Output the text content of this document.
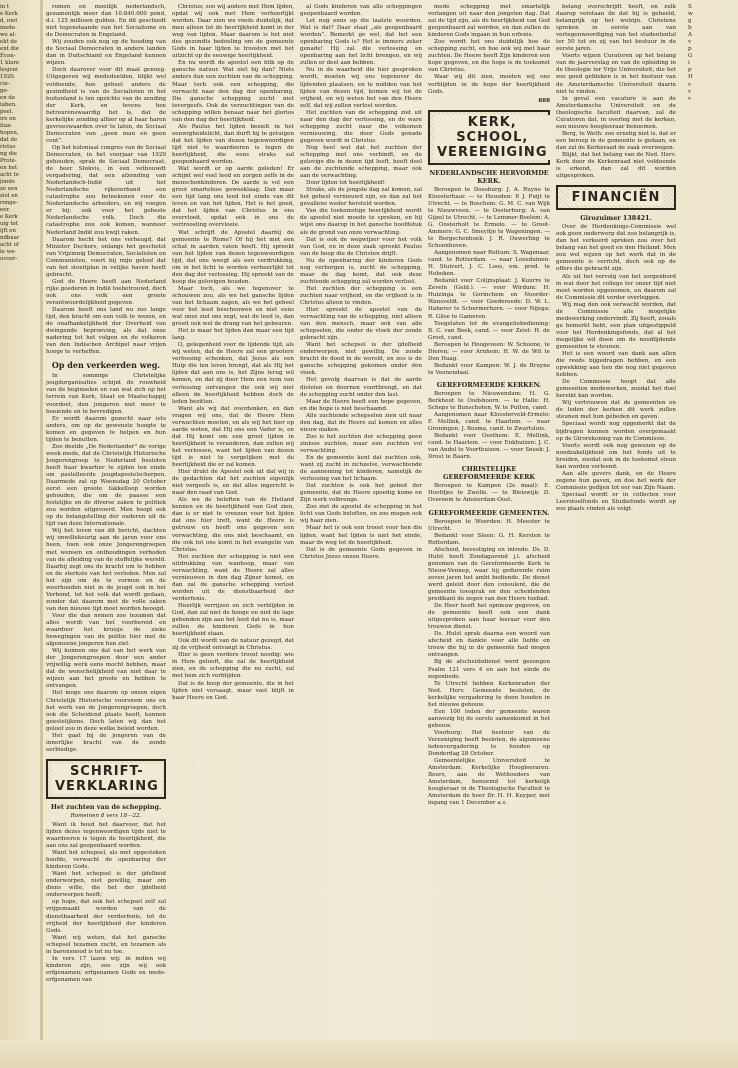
in t

e Kerk

d, niet

mede-

we al-

ekt de

ent die

Evan-

1 klare

lesjeni

1920.

cie-

ge-

en de

iaben.

peel.

ire en

itan-

hopen,

dat de

ristus

ng die

Prote-

en het

acht te

jonde

ze een

ziel en

ronge-

eer.

e Kerk

uig tot

ijft en

ndbaar

acht of

le we-

uvoor-

romen en moeilijk nederlandsch, gezamenlijk meer dan 10.840.000 pond, d.i. 125 millioen gulden. En dit geschiedt niet tegenstaande van het Socialisme en de Democraten in Engeland.

Wij zouden ook nog op de houding van de Sociaal Democraten in andere landen dan in Duitschland en Engeland kunnen wijzen.

Doch daarover voor dit maal genoeg. Uitgegeven wij mededeelden, blijkt wel voldoende, hoe geheel anders de gezindheid is van de Socialisten in het buitenland is ten opzichte van de zending der Kerk, en tevens hoe betreurenswaardig het is, dat de kerkelijke zending alhier op al haar haren gevreeswaarden over te laten, de Sociaal Democraten van „geen man en geen cent”.

Op het koloniaal congres van de Sociaal Democraten, in het voorjaar van 1929 gehouden, sprak de Sociaal Democraat, de heer Stokvis, in een vethouwdt vergadering, dat een afzending van Nederlandsch-Indië uit het Nederlandsche rijksverband een catastrophe zou beteekenen voor de Nederlandsche arbeiders, en wij voegen er bij: ook voor het geheele Nederlandsche volk. Doch die catastrophe zou ook komen, wanneer Nederland Indië zou kwijt raken.

Daarom hecht het ons verheugd, dat Minister Deckers, onlangs het geschetst van Vrijzinnig Democraten, Socialisten en Communisten, voert bij mijn geloof dat van het stoeitplan in velijke haven heeft gebracht.

God de Heere heeft aan Nederland rijke goederen in Indië toebetrouwd, doch ook ons volk een groote verantwoordelijkheid gegeven.

Daarom heeft ons land nu zoo lange tijd, den kracht om een volk te wezen, en de onafhankelijkheid der Overheid van dwingende beproeving, als dat onze nadering tot het volgen en de volkeren van den Indischen Archipel naar vrijen hooge te verheffen.

Op den verkeerden weg.

In sommige Christelijke jeugdorganisaties schijnt de rouwheid van de beginselen en van wat zich op het terrein van Kerk, Staat en Maatschappij voordoet, den jongeren niet meer te boeiende en te bevredigen.

Er wordt daarom gezocht naar iets anders, om op de gewenste hoogte te komen en gegeven te helpen en hun tijden te benutten.

Zoo deelde „De Nederlander” de vorige week mede, dat de Christelijk Historische Jongerengroep te Nederland besloten heeft haar kwartier te zijden ten einde om pastelleerde jeugdapostelscherpen. Daarmede zal op Woensdag 20 October eerst een groote fakkelloop worden gehouden, die om de paasse een fostelijke en de diverse zaken te politiek zou worden uitgevoerd. Men hoopt ook op de belangstelling der ouderen uit de tijd van deze Internationale.

Wij het loven van dit bericht, dachten wij onwillekeurig aan de jaren voor ons heen, toen ook onze Jongerengroepen met wensen en onthoudingen verboden van de afleiding van de stoffelijke wereld. Daarbij zegt ons de kracht om te hebben en de sterkste van het verleden. Men zal het zijn om de te vormen en de weerhouden niet in de jeugd ook in het Verbond, tot het volk dat wordt gedaan, zonder dat daarom met de volle zaken van den nieuwe tijd moet worden beoogd.

Voor die dan nemen zoo tezamen dat alles wordt van het voorbereid en waardoor het kruisje de zieke bewegingen van de politie hier met de algemeene jongeren hun ziel.

Wij kunnen ons dat van het werk van der Jongerengroepen door een ander vrijwillig werk eens mocht hebben, maar dat de wenschelijkheid van niet daar te wijzen aan het groote en hebben te ontvangen.

Het moge ons daarom op onzen eigen Christelijk Historische voorsnem ons en het werk van de Jongerengroepen, doch ook die Scheidend plaats heeft, kunnen geestelijkens. Doch laten wij dan het geloof zoo in deze welke beleid worden.

Het gaat bij de jongeren van de innerlijke kracht van de zonde eerbiedige.

SCHRIFT-VERKLARING
Het zuchten van de schepping.
Romeinen 8 vers 18—22.

Want ik houd het daarvoor, dat het lijden dezes tegenwoordigen tijds niet te waardeeren is tegen de heerlijkheid, die aan ons zal geopenbaard worden.

Want het schepsel, als met opgestoken hoofde, verwacht de openbaring der kinderen Gods.

Want het schepsel is der ijdelheid onderworpen, niet gewillig, maar om diens wille, die het der ijdelheid onderworpen heeft;

op hope, dat ook het schepsel zelf zal vrijgemaakt worden van de dienstbaarheid der verderfenis, tot de vrijheid der heerlijkheid der kinderen Gods.

Want wij weten, dat het gansche schepsel tezamen zucht, en tezamen als in barensnood is tot nu toe.

In vers 17 lazen wij: in indien wij kinderen zijn, zoo zijn wij ook erfgenamen; erfgenamen Gods en mede-erfgenamen van

Christus; zoo wij anders met Hem lijden, opdat wij ook met Hem verheerlijkt worden. Daar zien we reeds duidelijk, dat men alleen tot de heerlijkheid komt in der weg van lijden. Maar daarom is het niet des gezondts bedoeling om de gemeente Gods in haar lijden te troosten met het uitzicht op de eeuwige heerlijkheid.

En nu wordt de apostel een blik op de gansche natuur. Wat ziet hij dan? Niets anders dan een zuchten van de schepping. Maar toch ook een schepping, die verwacht naar den dag der openbaring. Die gansche schepping zucht niet tevergeefs. Ook de verzuchtingen van de schepping willen benaar naar het glorios van den dag der heerlijkheid.

Als Paulus het lijden bezielt in het eenwigheidslicht, dan durft hij te getuigen dat het lijden van dezen tegenwoordigen tijd niet te waardeeren is tegen de heerlijkheid, die eens straks zal geopenbaard worden.

Wat wordt er op aarde geleden! Er schijnt wel veel leed en zorgen zelfs in de menschenkinderen. De aarde is vol een groot smarteloos geweeklaag. Dan maar een tijd lang ons leed het einde van dit leven en van het lijden, Het is het goed, dat het lijden van Christus in ons overvloeit, opdat ook in ons de vertroosting overvloeie.

Wat schrijft de Apostel daarbij de gemeente te Rome? Of hij het met een schat in aarden vaten heeft. Hij spreekt van het lijden van dezen tegenwoordigen tijd, dat ons weegt als een verdrukking, om in het licht te worden verheerlijkt tot den dag der verlossing. Hij spreekt van de hoop die gelovigen houden.

Maar toch, als we tegenover te schouwen zou, als we het gansche lijden van het lichaam zagen, als we het geheel voor het leed beschouwen en niet eens wat onze ziel ons zegt, wat de leed is, dan groeit ook wel de drang van het gebeuren.

Het is maar het lijden dan maar een tijd lang.

O, gelegenheid voor de lijdende tijd, als wij weten, dat de Heere zal een grootere verlossing schenken, dat Jezus als een Hulp die ten leven brengt, dat als Hij het lijden dat aan ons is, het Zijne terug wil komen, en dat zij door Hem een loon van verlossing ontvangen die ook wij niet alleen de heerlijkheid hebben doch de leden bezitten.

Want als wij dat overdenken, en dan vragen wij ons, dat de Heere Hem verwachten moeten, en als wij het hier op aarde weten, dat Hij ons een Vader is, en dat Hij komt om een groot lijden in heerlijkheid te veranderen, dan zullen wij het verlossen, want het lijden van dezen tijd is niet te vergelijken met de heerlijkheid die er zal komen.

Hier drukt de Apostel ook uit dat wij in de gedachten dat het zuchten eigenlijk niet vergeefs is, en dat alles ingericht is naar den raad van God.

Als we de beloften van de Heiland kennen en de heerlijkheid van God zien, dan is er niet te vreezen voor het lijden dat ons hier treft, want de Heere is getrouw en heeft ons gegeven een verwachting, die ons niet beschaamt, en die ook tot ons komt in het evangelie van Christus.

Het zuchten der schepping is niet een uitdrukking van wanhoop, maar van verwachting, want de Heere zal alles vernieuwen in den dag Zijner komst, en dan zal de gansche schepping verlost worden uit de dienstbaarheid der verderfenis.

Heerlijk verrijzen en zich verblijden in God, dan zal niet de hooge en niet de lage gebonden zijn aan het leed dat nu is, maar zullen de kinderen Gods in hun heerlijkheid staan.

Ook dit wordt van de natuur gezegd, dat zij de vrijheid ontvangt in Christus.

Hier is geen verdere troost noodig: wie in Hem gelooft, die zal de heerlijkheid zien, en de schepping die nu zucht, zal met hem zich verblijden.

Dat is de hoop der gemeente, die in het lijden niet versaagt, maar vast blijft in haar Heere en God.

al Gods kinderen van alle scheppingen geopenbaard worden.

Let nog eens op die laatste woorden. Wat is dat? Daar staat „als geopenbaard worden”. Bemerkt ge wel, dat het een openbaring Gods is? Het is immers zeker genade! Hij zal die verlossing en openbaring aan het licht brengen, en wij zullen er deel aan hebben.

Nu in de waarheid die hier gesproken wordt, moeten wij ons tegenover de lijdenden plaatsen, en te midden van het lijden van dezen tijd, komen wij tot de vrijheid, en wij weten het van den Heere zelf, dat wij zullen verlost worden.

Het zuchten van de schepping ziet uit naar den dag der verlossing, en de ware schepping zucht naar die volkomen vernieuwing, die door Gods genade gegeven wordt in Christus.

Nog heel wat dat het zuchten der schepping met ons verbindt, en de gelovige die in dezen tijd leeft, heeft deel aan de zuchtende schepping, maar ook aan de verwachting.

Door lijden tot heerlijkheid!

Straks, als de jongste dag zal komen, zal het geheel vernieuwd zijn, en dan zal het gevallene weder hersteld worden.

Van die toekomstige heerlijkheid wordt de apostel niet moede te spreken, en hij wijst ons daarop in het gansche hoofdstuk als de grond van onze verwachting.

Dat is ook de wegwijzer voor het volk van God, en in deze zaak spreekt Paulus van de hoop die de Christen drijft.

Nu de openbaring der kinderen Gods nog verborgen is, zucht de schepping, maar de dag komt, dat ook deze zuchtende schepping zal worden verlost.

Het zuchten der schepping is een zuchten naar vrijheid, en die vrijheid is in Christus alleen te vinden.

Hier spreekt de apostel van de verwachting van de schepping, niet alleen van den mensch, maar ook van alle schepselen, die onder de vloek der zonde gebracht zijn.

Want het schepsel is der ijdelheid onderworpen, niet gewillig. De zonde bracht de dood in de wereld, en zoo is de gansche schepping gekomen onder den vloek.

Het gevolg daarvan is dat de aarde distelen en doornen voortbrengt, en dat de schepping zucht onder den last.

Maar de Heere heeft een hope gegeven, en die hope is niet beschaamd.

Alle zuchtende schepselen zien uit naar den dag, dat de Heere zal komen en alles nieuw maken.

Zoo is het zuchten der schepping geen zinloos zuchten, maar een zuchten vol verwachting.

En de gemeente kent dat zuchten ook, want zij zucht in zichzelve, verwachtende de aanneming tot kinderen, namelijk de verlossing van het lichaam.

Dat zuchten is ook het gebed der gemeente, dat de Heere spoedig kome en Zijn werk volbrenge.

Zoo ziet de apostel de schepping in het licht van Gods beloften, en zoo mogen ook wij haar zien.

Maar het is ook een troost voor hen die lijden, want het lijden is niet het einde, maar de weg tot de heerlijkheid.

Dat is de gemeente Gods gegeven in Christus Jezus onzen Heere.

mede schepping met smartelijk verlangen uit naar den jongsten dag. Dat zal de tijd zijn, als de heerlijkheid van God geopenbaard zal worden, en dan zullen de kinderen Gods ingaan in hun erfenis.

Zoo wordt het ons duidelijk hoe de schepping zucht, en hoe ook wij met haar zuchten. De Heere heeft Zijn kinderen een hope gegeven, en die hope is de toekomst van Christus.

Waar wij dit zien, moeten wij ons verblijden in de hope der heerlijkheid Gods.

888
KERK, SCHOOL, VEREENIGING
NEDERLANDSCHE HERVORMDE KERK.

Beroepen te Doesburg: J. A. Ruyne te Kloosterhaar. — te Heusden: P. J. Puijt te Utrecht. — te Boschem: G. M. C. van Wijk te Nieuwveen. — te Oosterburg: A. van Gijzel te Utrecht. — te Lemmer-Boelem: A. G. Oosterholt te Ermelo. — te Groot-Ammers: G. C. Smeyitje te Wageningen. — te Bergschenhoek: J. R. Ouwerling te Schoonhoven.

Aangenomen naar Rottum: S. Wagenaar, cand. te Rotterdam. — naar Loosduinen: H. Stuivert, J. C. Loos, em. pred. te Hoboken.

Bedankt voor Colijnsplaat: J. Kuurre te Zeveln (Geld.). — voor Wirdum: H. Huizinga te Gorinchem en Noorder-Wansveldt. — voor Goedereede: D. W. L. Haberer te Schermerhorn. — voor Nijega: R. Gilse te Gameren.

Toegelaten tot de evangeliebediening: B. C. van Beek, cand. — voor Zeist: H. de Groot, cand.

Beroepen te Hoogeveen: W. Schoone, te Dieren; — voor Arnhem: H. W. de Wit te Den Haag.

Bedankt voor Kampen: W. J. de Bruyne te Veenendaal.

GEREFORMEERDE KERKEN.

Beroepen te Nieuwendam: H. G. Berkhout te Oudshoorn. — te Halle: H. Scheps te Bunschoten, W. te Putten, cand.

Aangenomen naar Kloosterveld-Ermelo: F. Mellink, cand. te Haarlem. — naar Groningen: J. Bosma, cand. te Zwartsluis.

Bedankt voor Oosthem: E. Mellink, cand. te Haarlem. — voor Enkhuizen: J. C. van Andel te Voorthuizen. — voor Sneek: J. Drost te Baarn.

CHRISTELIJKE GEREFORMEERDE KERK

Beroepen te Kampen (2e maal): E. Hoofdjes te Zwolle. — te Bleiswijk: D. Overeem te Amsterdam-Oost.

GEREFORMEERDE GEMEENTEN.

Beroepen te Woerden: H. Meester te Utrecht.

Bedankt voor Sleen: G. H. Kersten te Rotterdam.

Afscheid, bevestiging en intrede. Ds. D. Hulst heeft Zondagavond j.l. afscheid genomen van de Gereformeerde Kerk te Nieuw-Vennep, waar hij gedurende ruim zeven jaren het ambt bediende. De dienst werd geleid door den consulent, die de gemeente toesprak en den scheidenden predikant de zegen van den Heere toebad.

De Heer heeft het opnieuw gegeven, en de gemeente heeft ook een dank uitgesproken aan haar leeraar voor den trouwen dienst.

Ds. Hulst sprak daarna een woord van afscheid en dankte voor alle liefde en trouw die hij in de gemeente had mogen ontvangen.

Bij de afscheidsdienst werd gezongen Psalm 121 vers 4 en aan het einde de zegenbede.

Te Utrecht hebben Kerkenraden der Ned. Herv. Gemeente besloten, de kerkelijke vergadering te doen houden in het nieuwe gebouw.

Een 100 leden der gemeente waren aanwezig bij de eerste samenkomst in het gebouw.

Voorburg: Het bestuur van de Vereeniging heeft besloten, de algemeene ledenvergadering te houden op Donderdag 28 October.

Gemeentelijke Universiteit te Amsterdam. Kerkelijke Hoogleeraren. Beurs, aan de Wethouders van Amsterdam, benoemd tot kerkelijk hoogleraar in de Theologische Faculteit te Amsterdam de heer Dr. H. H. Kuyper, met ingang van 1 December a.s.

belang overschrijdt heeft, en zulk daarop verstaan de dat hij is geheeld, belangrijk op het welzijn. Christene spreken in eerste aan van vertegenwoordiging van het studentental ter 50 tot en zij van het bestuur in de eerste jaren.

Voorts wijzen Curatoren op het belang van de jaarverslag en van de opleiding in de theologie ter Vrije Universiteit, die het zoo goed gebleken is in het bestuur van de Amsterdamsche Universiteit daarin niet te vinden.

In geval een vacature is aan de Amsterdamsche Universiteit en de theologische faculteit daarvan, zal de Curatoren dat, in overleg met de kerken, een nieuwe hoogleeraar benoemen.

Berg, te Weth: zoo ernstig niet is, dat er een beroep in de gemeente is gedaan, en dan zal de Kerkeraad de zaak overwegen.

Blijkt, dat het belang van de Ned. Herv. Kerk door de Kerkenraad niet voldoende is erkend, dan zal dit worden uitgesproken.

FINANCIËN
Girozuimer 138421.

Over de Herdenkings-Commissie wel ook geen onderwerp dat zoo belangrijk is, dan het verkeerd spreken zou over het belang van het goed en den Heiland. Men zou wel wijzen op het werk dat in de gemeente is verricht, doch ook op de offers die gebracht zijn.

Als uit het vervolg van het zorgenbord in wat door het college ter onzer tijd niet moet worden opgenomen, en daarom zal de Commissie dit verder overleggen.

Wij mag den ook verwacht worden, dat de Commissie alle mogelijke medewerking ondervindt. Zij heeft, zooals ge bemerkt hebt, een plan uitgestippeld voor het Herdenkingsfonds, dat al het mogelijke wil doen om de noodlijdende gemeenten te steunen.

Het is een woord van dank aan allen die reeds bijgedragen hebben, en een opwekking aan hen die nog niet gegeven hebben.

De Commissie hoopt dat alle gemeenten medewerken, zoodat het doel bereikt kan worden.

Wij vertrouwen dat de gemeenten en de leden der kerken dit werk zullen steunen met hun gebeden en gaven.

Speciaal wordt nog opgemerkt dat de bijdragen kunnen worden overgemaakt op de Girorekening van de Commissie.

Voorts wordt ook nog gewezen op de noodzakelijkheid om het fonds uit te breiden, zoodat ook in de toekomst steun kan worden verleend.

Aan alle gevers dank, en de Heere zegene hun gaven, en doe het werk der Commissie gedijen tot eer van Zijn Naam.

Speciaal wordt er in collecten voor Leerstoelfonds en Studiefonds wordt op zoo plaats vinden als volgt.

S

w

g

b

A

v

p

G

i

p

H

v

v

v
